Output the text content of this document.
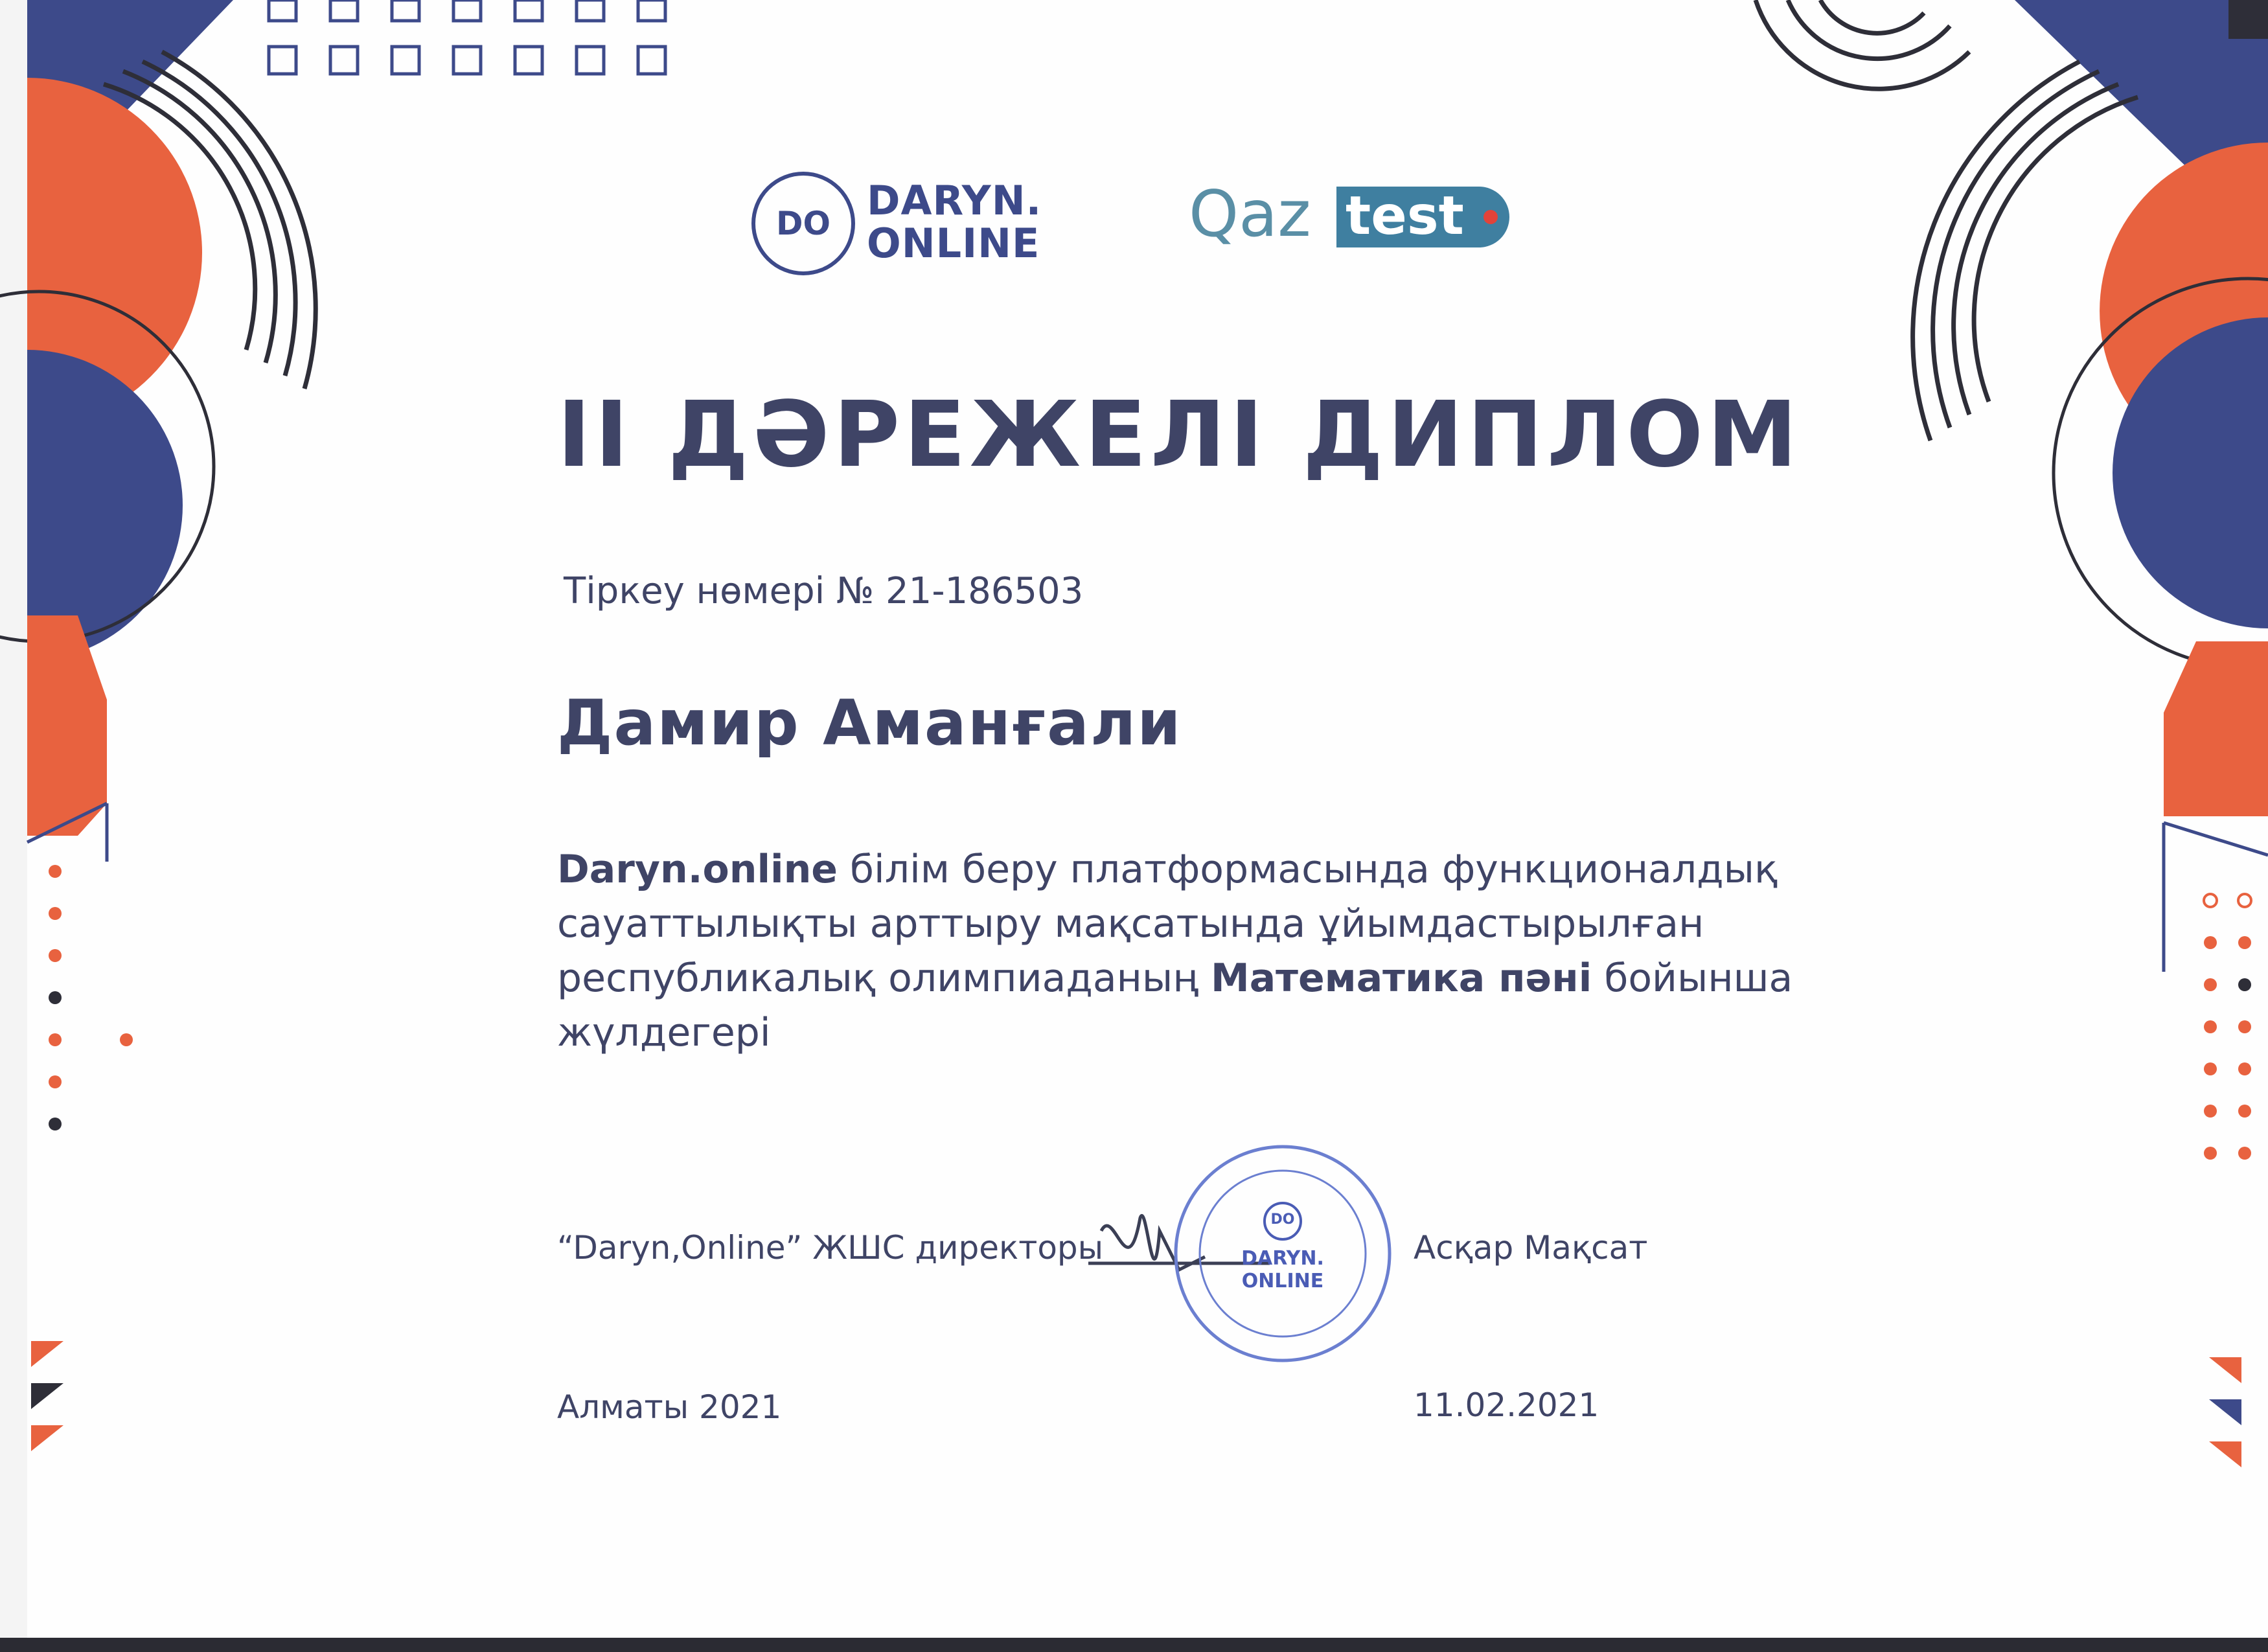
DO DARYN.
ONLINE Qaz test
II ДӘРЕЖЕЛІ ДИПЛОМ
Тіркеу нөмері № 21-186503
Дамир Аманғали
Daryn.online білім беру платформасында функционалдық сауаттылықты арттыру мақсатында ұйымдастырылған республикалық олимпиаданың Математика пәні бойынша жүлдегері
“Daryn,Online” ЖШС директоры	Асқар Мақсат
DO
DARYN.
ONLINE
Алматы 2021	11.02.2021
